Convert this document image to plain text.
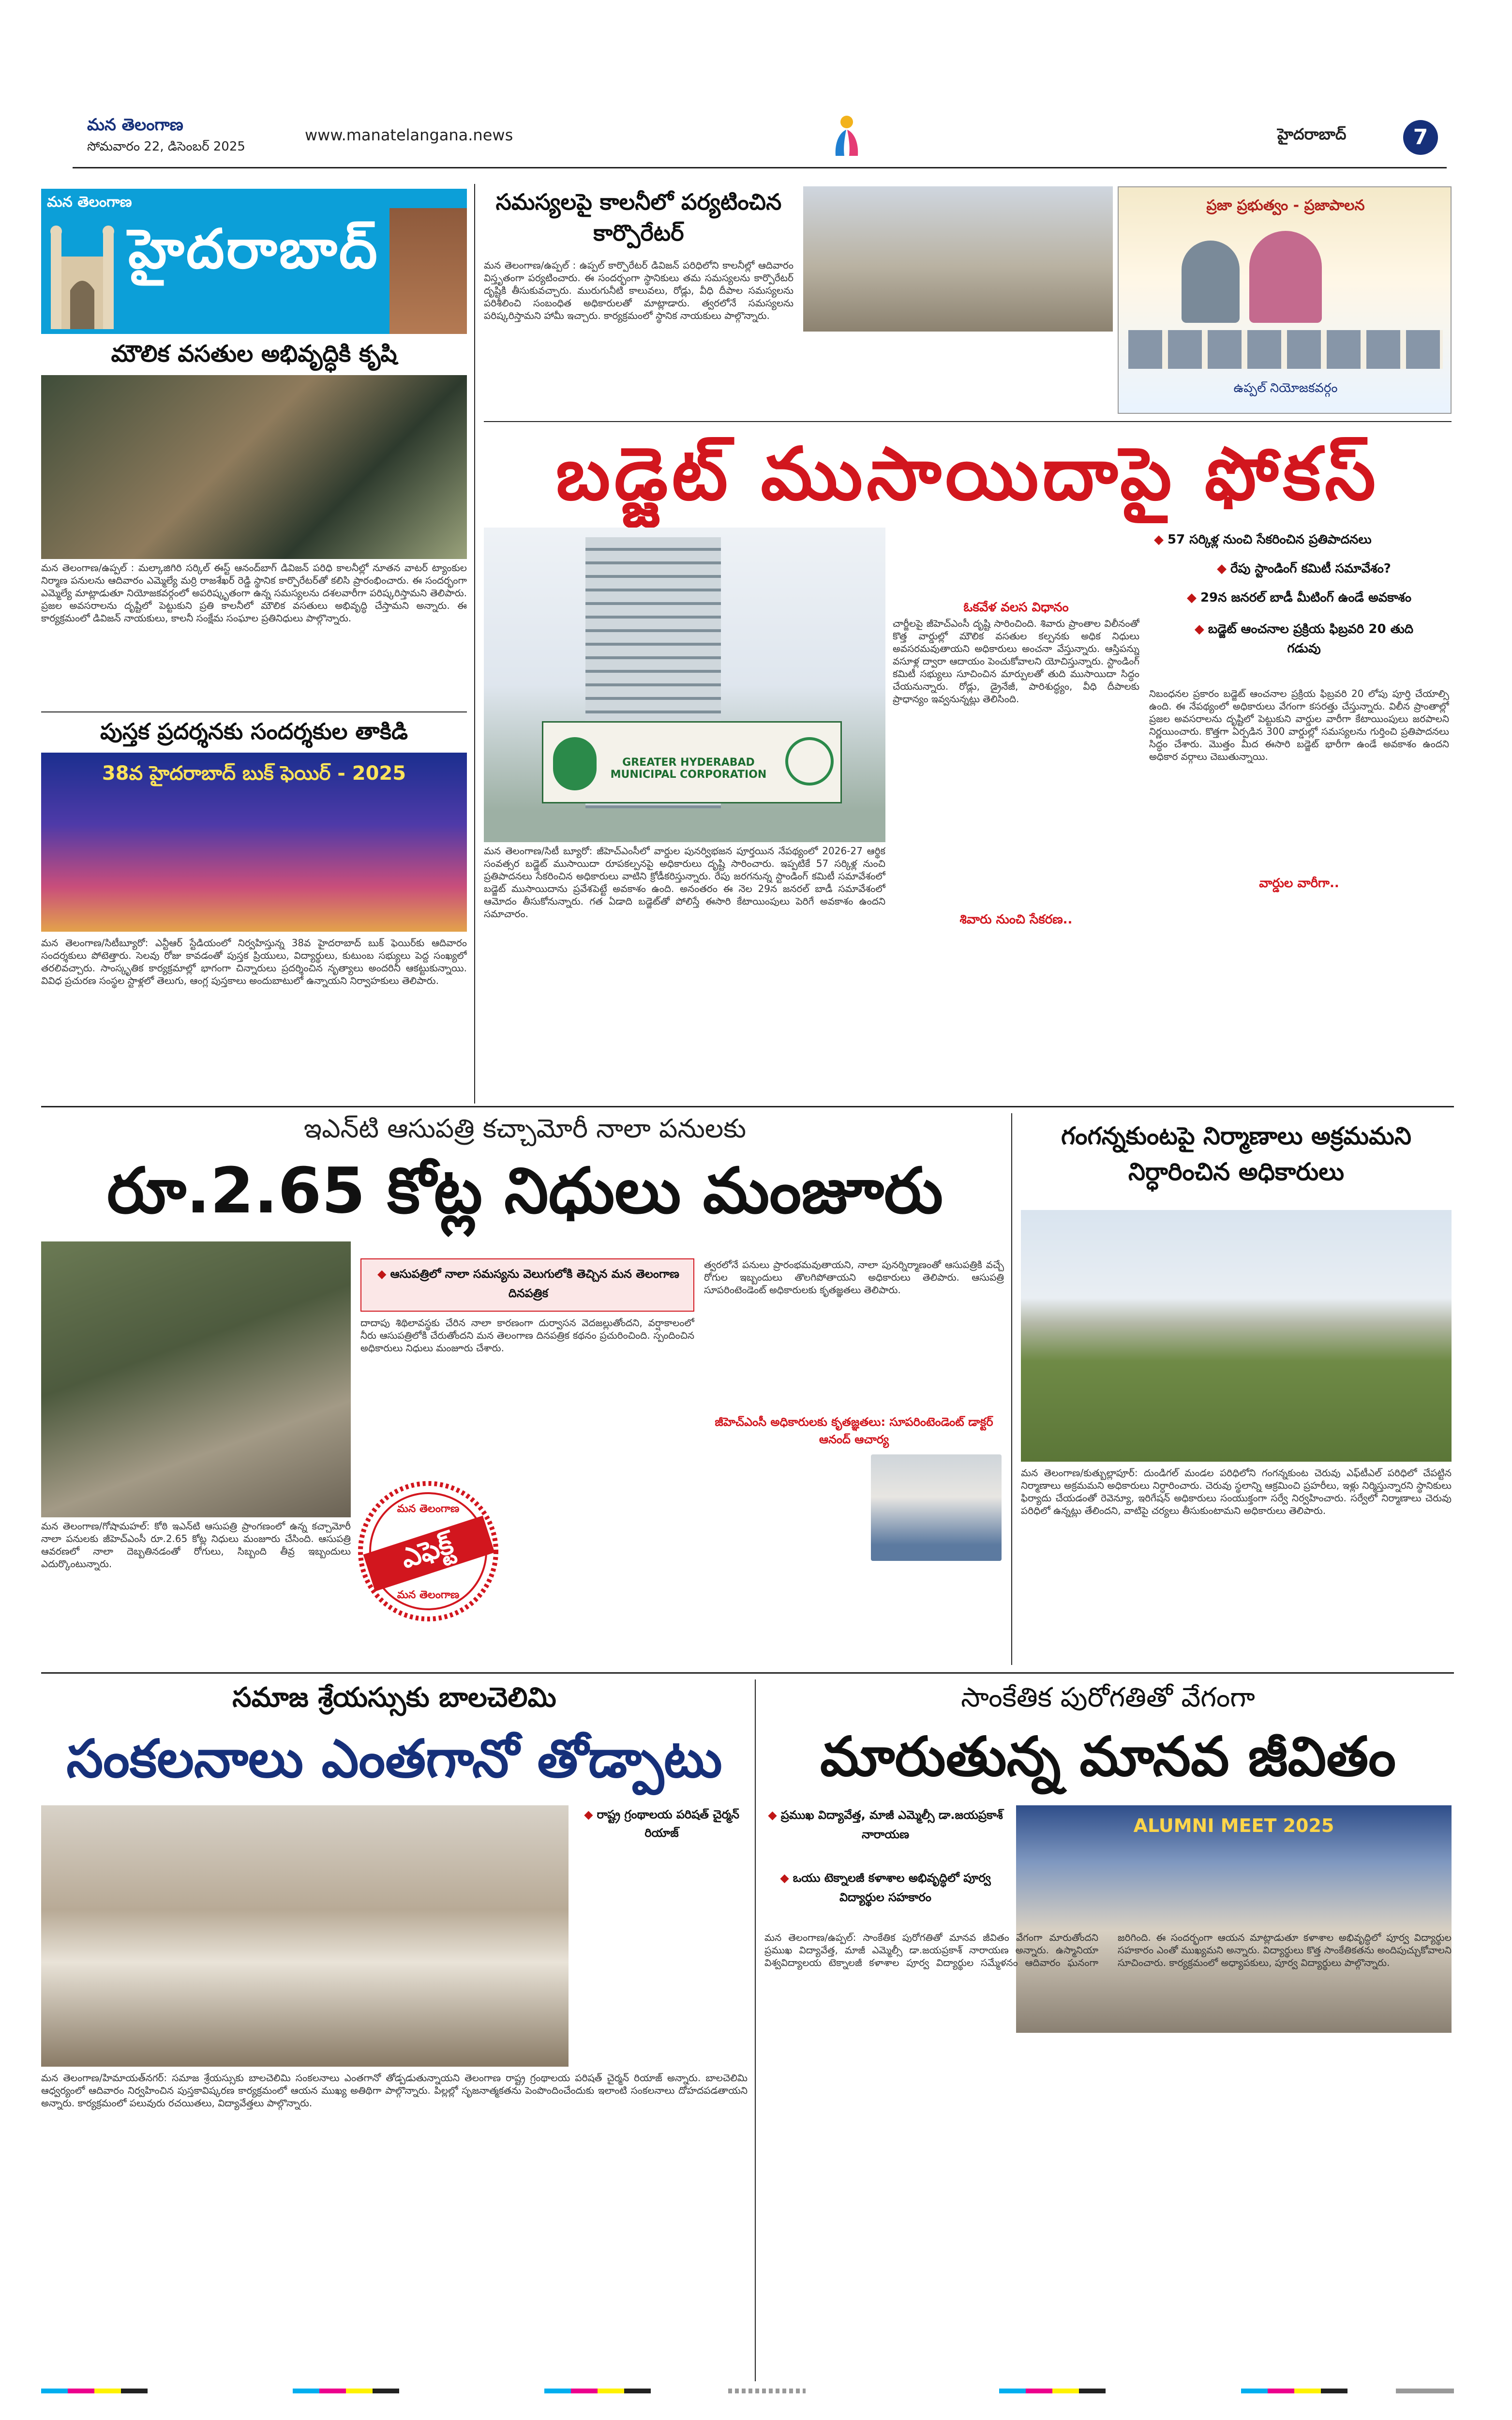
మన తెలంగాణ
సోమవారం 22, డిసెంబర్ 2025
www.manatelangana.news	హైదరాబాద్	7
మన తెలంగాణ
హైదరాబాద్
మౌలిక వసతుల అభివృద్ధికి కృషి
మన తెలంగాణ/ఉప్పల్ : మల్కాజిగిరి సర్కిల్ ఈస్ట్ ఆనంద్‌బాగ్ డివిజన్ పరిధి కాలనీల్లో నూతన వాటర్ ట్యాంకుల నిర్మాణ పనులను ఆదివారం ఎమ్మెల్యే మర్రి రాజశేఖర్ రెడ్డి స్థానిక కార్పొరేటర్‌తో కలిసి ప్రారంభించారు. ఈ సందర్భంగా ఎమ్మెల్యే మాట్లాడుతూ నియోజకవర్గంలో అపరిష్కృతంగా ఉన్న సమస్యలను దశలవారీగా పరిష్కరిస్తామని తెలిపారు. ప్రజల అవసరాలను దృష్టిలో పెట్టుకుని ప్రతి కాలనీలో మౌలిక వసతులు అభివృద్ధి చేస్తామని అన్నారు. ఈ కార్యక్రమంలో డివిజన్ నాయకులు, కాలనీ సంక్షేమ సంఘాల ప్రతినిధులు పాల్గొన్నారు.
పుస్తక ప్రదర్శనకు సందర్శకుల తాకిడి
38వ హైదరాబాద్ బుక్ ఫెయిర్ - 2025
మన తెలంగాణ/సిటీబ్యూరో: ఎన్టీఆర్ స్టేడియంలో నిర్వహిస్తున్న 38వ హైదరాబాద్ బుక్ ఫెయిర్‌కు ఆదివారం సందర్శకులు పోటెత్తారు. సెలవు రోజు కావడంతో పుస్తక ప్రియులు, విద్యార్థులు, కుటుంబ సభ్యులు పెద్ద సంఖ్యలో తరలివచ్చారు. సాంస్కృతిక కార్యక్రమాల్లో భాగంగా చిన్నారులు ప్రదర్శించిన నృత్యాలు అందరినీ ఆకట్టుకున్నాయి. వివిధ ప్రచురణ సంస్థల స్టాళ్లలో తెలుగు, ఆంగ్ల పుస్తకాలు అందుబాటులో ఉన్నాయని నిర్వాహకులు తెలిపారు.
సమస్యలపై కాలనీలో పర్యటించిన కార్పొరేటర్
మన తెలంగాణ/ఉప్పల్ : ఉప్పల్ కార్పొరేటర్ డివిజన్ పరిధిలోని కాలనీల్లో ఆదివారం విస్తృతంగా పర్యటించారు. ఈ సందర్భంగా స్థానికులు తమ సమస్యలను కార్పొరేటర్ దృష్టికి తీసుకువచ్చారు. మురుగునీటి కాలువలు, రోడ్లు, వీధి దీపాల సమస్యలను పరిశీలించి సంబంధిత అధికారులతో మాట్లాడారు. త్వరలోనే సమస్యలను పరిష్కరిస్తామని హామీ ఇచ్చారు. కార్యక్రమంలో స్థానిక నాయకులు పాల్గొన్నారు.
ప్రజా ప్రభుత్వం - ప్రజాపాలన
ఉప్పల్ నియోజకవర్గం
బడ్జెట్ ముసాయిదాపై ఫోకస్
GREATER HYDERABAD MUNICIPAL CORPORATION
మన తెలంగాణ/సిటీ బ్యూరో: జీహెచ్‌ఎంసీలో వార్డుల పునర్విభజన పూర్తయిన నేపథ్యంలో 2026-27 ఆర్థిక సంవత్సర బడ్జెట్ ముసాయిదా రూపకల్పనపై అధికారులు దృష్టి సారించారు. ఇప్పటికే 57 సర్కిళ్ల నుంచి ప్రతిపాదనలు సేకరించిన అధికారులు వాటిని క్రోడీకరిస్తున్నారు. రేపు జరగనున్న స్టాండింగ్ కమిటీ సమావేశంలో బడ్జెట్ ముసాయిదాను ప్రవేశపెట్టే అవకాశం ఉంది. అనంతరం ఈ నెల 29న జనరల్ బాడీ సమావేశంలో ఆమోదం తీసుకోనున్నారు. గత ఏడాది బడ్జెట్‌తో పోలిస్తే ఈసారి కేటాయింపులు పెరిగే అవకాశం ఉందని సమాచారం.
ఓకవేళ వలస విధానం
చార్జీలపై జీహెచ్‌ఎంసీ దృష్టి సారించింది. శివారు ప్రాంతాల విలీనంతో కొత్త వార్డుల్లో మౌలిక వసతుల కల్పనకు అధిక నిధులు అవసరమవుతాయని అధికారులు అంచనా వేస్తున్నారు. ఆస్తిపన్ను వసూళ్ల ద్వారా ఆదాయం పెంచుకోవాలని యోచిస్తున్నారు. స్టాండింగ్ కమిటీ సభ్యులు సూచించిన మార్పులతో తుది ముసాయిదా సిద్ధం చేయనున్నారు. రోడ్లు, డ్రైనేజీ, పారిశుద్ధ్యం, వీధి దీపాలకు ప్రాధాన్యం ఇవ్వనున్నట్లు తెలిసింది.
శివారు నుంచి సేకరణ..
◆ 57 సర్కిళ్ల నుంచి సేకరించిన ప్రతిపాదనలు
◆ రేపు స్టాండింగ్ కమిటీ సమావేశం?
◆ 29న జనరల్ బాడీ మీటింగ్ ఉండే అవకాశం
◆ బడ్జెట్ ఆంచనాల ప్రక్రియ ఫిబ్రవరి 20 తుది గడువు
నిబంధనల ప్రకారం బడ్జెట్ ఆంచనాల ప్రక్రియ ఫిబ్రవరి 20 లోపు పూర్తి చేయాల్సి ఉంది. ఈ నేపథ్యంలో అధికారులు వేగంగా కసరత్తు చేస్తున్నారు. విలీన ప్రాంతాల్లో ప్రజల అవసరాలను దృష్టిలో పెట్టుకుని వార్డుల వారీగా కేటాయింపులు జరపాలని నిర్ణయించారు. కొత్తగా ఏర్పడిన 300 వార్డుల్లో సమస్యలను గుర్తించి ప్రతిపాదనలు సిద్ధం చేశారు. మొత్తం మీద ఈసారి బడ్జెట్ భారీగా ఉండే అవకాశం ఉందని అధికార వర్గాలు చెబుతున్నాయి.
వార్డుల వారీగా..
ఇఎన్‌టి ఆసుపత్రి కచ్చామోరీ నాలా పనులకు
రూ.2.65 కోట్ల నిధులు మంజూరు
మన తెలంగాణ/గోషామహల్: కోఠి ఇఎన్‌టి ఆసుపత్రి ప్రాంగణంలో ఉన్న కచ్చామోరీ నాలా పనులకు జీహెచ్‌ఎంసీ రూ.2.65 కోట్ల నిధులు మంజూరు చేసింది. ఆసుపత్రి ఆవరణలో నాలా దెబ్బతినడంతో రోగులు, సిబ్బంది తీవ్ర ఇబ్బందులు ఎదుర్కొంటున్నారు.
◆ ఆసుపత్రిలో నాలా సమస్యను వెలుగులోకి తెచ్చిన మన తెలంగాణ దినపత్రిక
దాదాపు శిథిలావస్థకు చేరిన నాలా కారణంగా దుర్వాసన వెదజల్లుతోందని, వర్షాకాలంలో నీరు ఆసుపత్రిలోకి చేరుతోందని మన తెలంగాణ దినపత్రిక కథనం ప్రచురించింది. స్పందించిన అధికారులు నిధులు మంజూరు చేశారు.
మన తెలంగాణ
ఎఫెక్ట్
మన తెలంగాణ
త్వరలోనే పనులు ప్రారంభమవుతాయని, నాలా పునర్నిర్మాణంతో ఆసుపత్రికి వచ్చే రోగుల ఇబ్బందులు తొలగిపోతాయని అధికారులు తెలిపారు. ఆసుపత్రి సూపరింటెండెంట్ అధికారులకు కృతజ్ఞతలు తెలిపారు.
జీహెచ్‌ఎంసీ అధికారులకు కృతజ్ఞతలు: సూపరింటెండెంట్ డాక్టర్ ఆనంద్ ఆచార్య
గంగన్నకుంటపై నిర్మాణాలు అక్రమమని నిర్ధారించిన అధికారులు
మన తెలంగాణ/కుత్బుల్లాపూర్: దుండిగల్ మండల పరిధిలోని గంగన్నకుంట చెరువు ఎఫ్‌టీఎల్ పరిధిలో చేపట్టిన నిర్మాణాలు అక్రమమని అధికారులు నిర్ధారించారు. చెరువు స్థలాన్ని ఆక్రమించి ప్రహరీలు, ఇళ్లు నిర్మిస్తున్నారని స్థానికులు ఫిర్యాదు చేయడంతో రెవెన్యూ, ఇరిగేషన్ అధికారులు సంయుక్తంగా సర్వే నిర్వహించారు. సర్వేలో నిర్మాణాలు చెరువు పరిధిలో ఉన్నట్లు తేలిందని, వాటిపై చర్యలు తీసుకుంటామని అధికారులు తెలిపారు.
సమాజ శ్రేయస్సుకు బాలచెలిమి
సంకలనాలు ఎంతగానో తోడ్పాటు
మన తెలంగాణ/హిమాయత్‌నగర్: సమాజ శ్రేయస్సుకు బాలచెలిమి సంకలనాలు ఎంతగానో తోడ్పడుతున్నాయని తెలంగాణ రాష్ట్ర గ్రంథాలయ పరిషత్ చైర్మన్ రియాజ్ అన్నారు. బాలచెలిమి ఆధ్వర్యంలో ఆదివారం నిర్వహించిన పుస్తకావిష్కరణ కార్యక్రమంలో ఆయన ముఖ్య అతిథిగా పాల్గొన్నారు. పిల్లల్లో సృజనాత్మకతను పెంపొందించేందుకు ఇలాంటి సంకలనాలు దోహదపడతాయని అన్నారు. కార్యక్రమంలో పలువురు రచయితలు, విద్యావేత్తలు పాల్గొన్నారు.
◆ రాష్ట్ర గ్రంథాలయ పరిషత్ చైర్మన్ రియాజ్
సాంకేతిక పురోగతితో వేగంగా
మారుతున్న మానవ జీవితం
◆ ప్రముఖ విద్యావేత్త, మాజీ ఎమ్మెల్సీ డా.జయప్రకాశ్ నారాయణ
◆ ఒయు టెక్నాలజీ కళాశాల అభివృద్ధిలో పూర్వ విద్యార్థుల సహకారం
ALUMNI MEET 2025
మన తెలంగాణ/ఉప్పల్: సాంకేతిక పురోగతితో మానవ జీవితం వేగంగా మారుతోందని ప్రముఖ విద్యావేత్త, మాజీ ఎమ్మెల్సీ డా.జయప్రకాశ్ నారాయణ అన్నారు. ఉస్మానియా విశ్వవిద్యాలయ టెక్నాలజీ కళాశాల పూర్వ విద్యార్థుల సమ్మేళనం ఆదివారం ఘనంగా జరిగింది. ఈ సందర్భంగా ఆయన మాట్లాడుతూ కళాశాల అభివృద్ధిలో పూర్వ విద్యార్థుల సహకారం ఎంతో ముఖ్యమని అన్నారు. విద్యార్థులు కొత్త సాంకేతికతను అందిపుచ్చుకోవాలని సూచించారు. కార్యక్రమంలో అధ్యాపకులు, పూర్వ విద్యార్థులు పాల్గొన్నారు.
